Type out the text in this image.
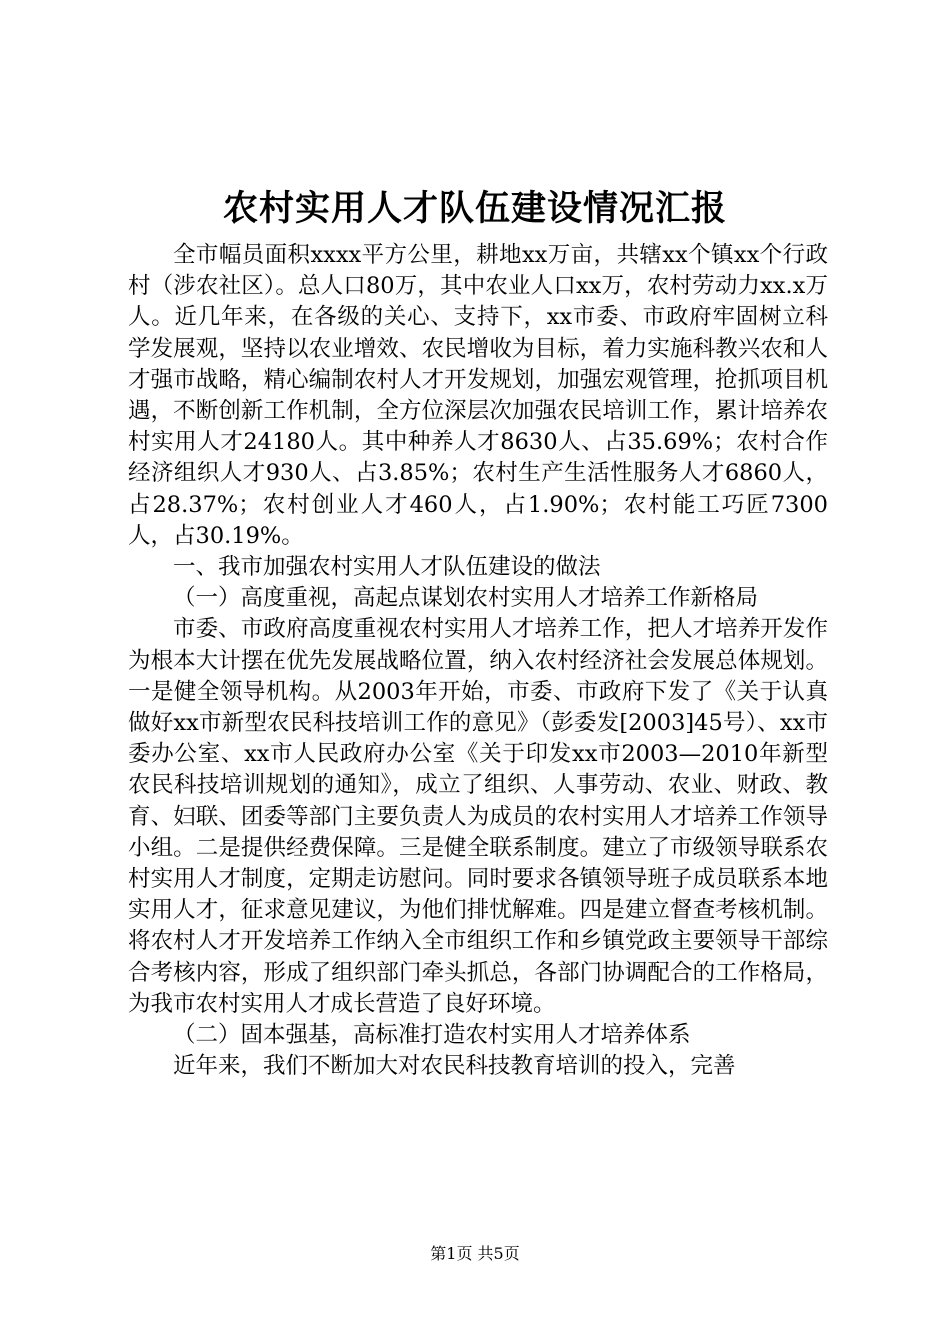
农村实用人才队伍建设情况汇报

全市幅员面积xxxx平方公里，耕地xx万亩，共辖xx个镇xx个行政村（涉农社区）。总人口80万，其中农业人口xx万，农村劳动力xx.x万人。近几年来，在各级的关心、支持下，xx市委、市政府牢固树立科学发展观，坚持以农业增效、农民增收为目标，着力实施科教兴农和人才强市战略，精心编制农村人才开发规划，加强宏观管理，抢抓项目机遇，不断创新工作机制，全方位深层次加强农民培训工作，累计培养农村实用人才24180人。其中种养人才8630人、占35.69%；农村合作经济组织人才930人、占3.85%；农村生产生活性服务人才6860人，占28.37%；农村创业人才460人，占1.90%；农村能工巧匠7300人，占30.19%。

一、我市加强农村实用人才队伍建设的做法

（一）高度重视，高起点谋划农村实用人才培养工作新格局

市委、市政府高度重视农村实用人才培养工作，把人才培养开发作为根本大计摆在优先发展战略位置，纳入农村经济社会发展总体规划。一是健全领导机构。从2003年开始，市委、市政府下发了《关于认真做好xx市新型农民科技培训工作的意见》（彭委发[2003]45号）、xx市委办公室、xx市人民政府办公室《关于印发xx市2003—2010年新型农民科技培训规划的通知》，成立了组织、人事劳动、农业、财政、教育、妇联、团委等部门主要负责人为成员的农村实用人才培养工作领导小组。二是提供经费保障。三是健全联系制度。建立了市级领导联系农村实用人才制度，定期走访慰问。同时要求各镇领导班子成员联系本地实用人才，征求意见建议，为他们排忧解难。四是建立督查考核机制。将农村人才开发培养工作纳入全市组织工作和乡镇党政主要领导干部综合考核内容，形成了组织部门牵头抓总，各部门协调配合的工作格局，为我市农村实用人才成长营造了良好环境。

（二）固本强基，高标准打造农村实用人才培养体系

近年来，我们不断加大对农民科技教育培训的投入，完善

第1页 共5页
